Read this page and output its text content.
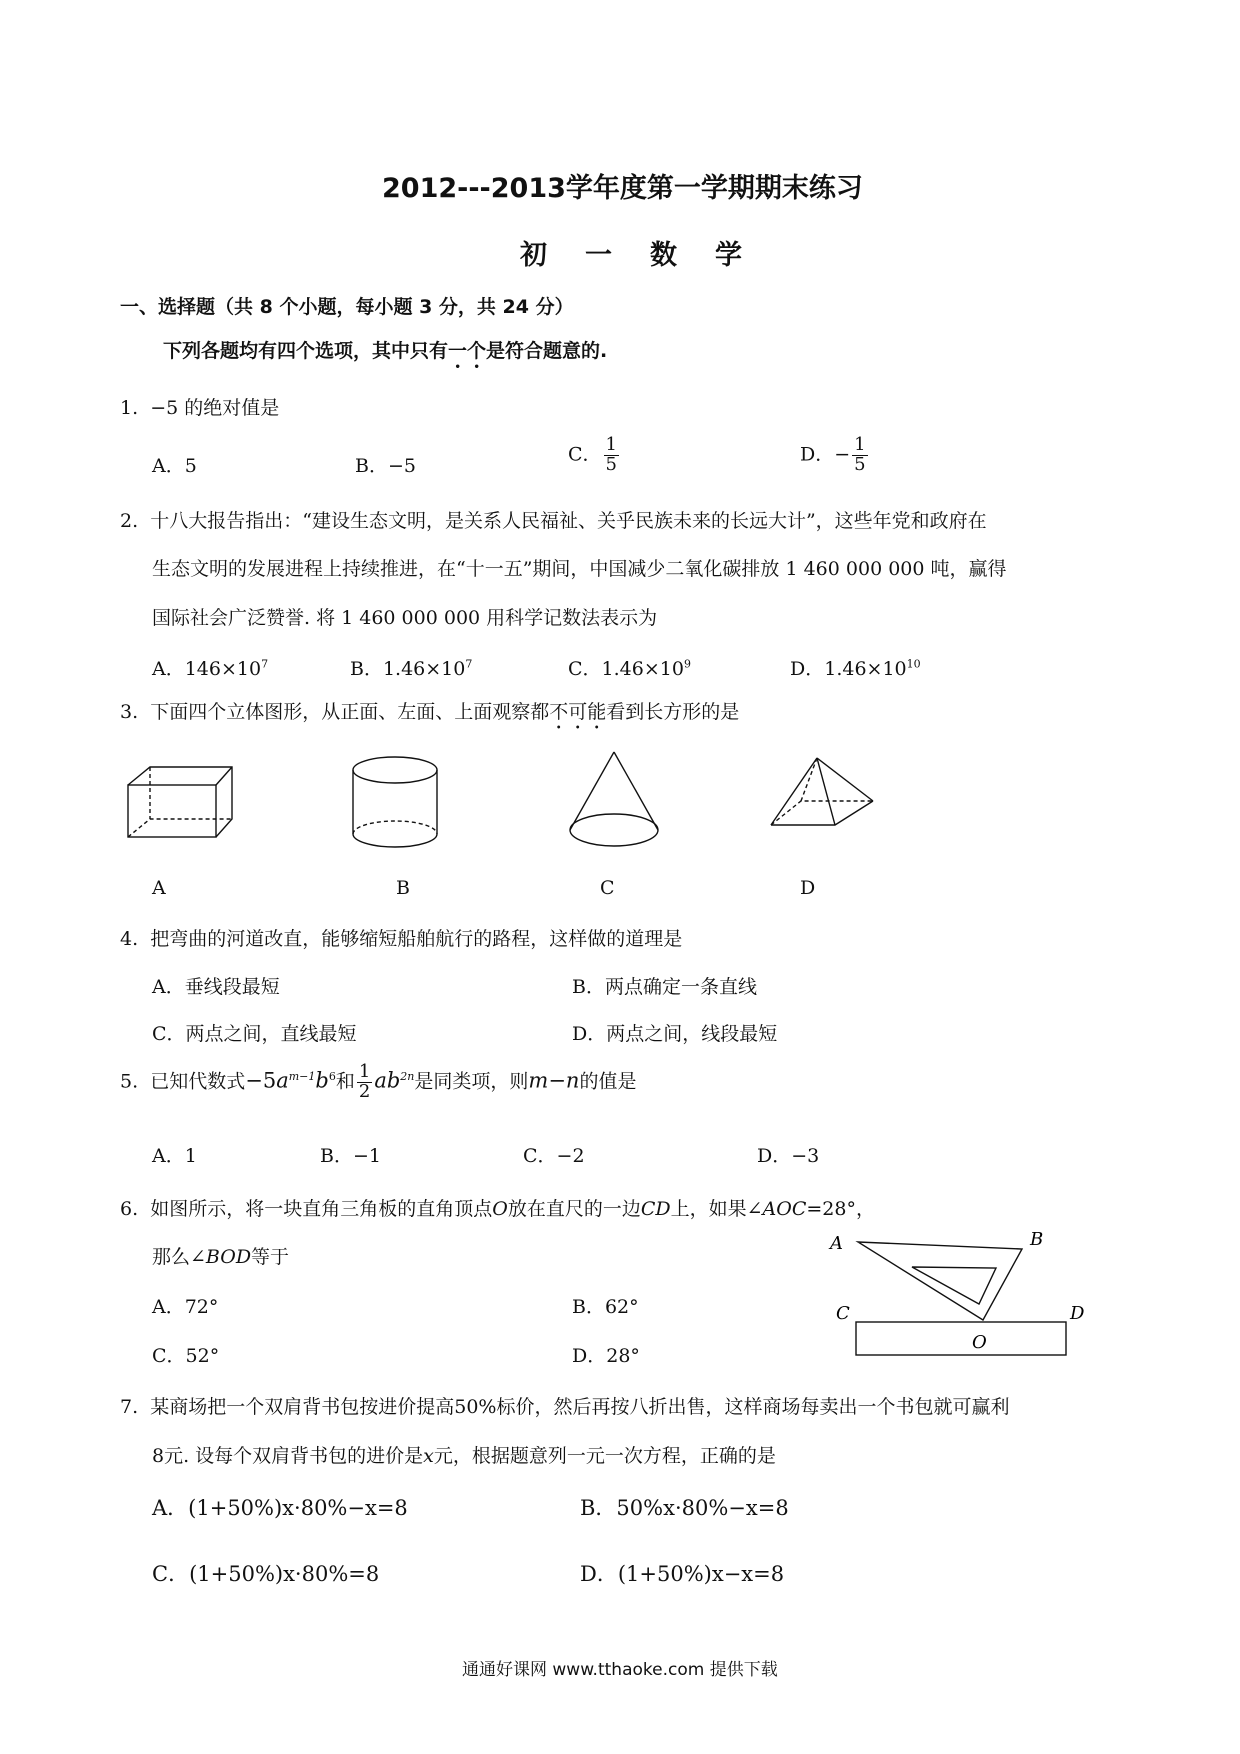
2012---2013学年度第一学期期末练习
初一数学
一、选择题（共 8 个小题，每小题 3 分，共 24 分）
下列各题均有四个选项，其中只有一个是符合题意的.
1. −5 的绝对值是
A．5	B．−5
C． $\frac{1}{5}$	D．− $\frac{1}{5}$
2. 十八大报告指出：“建设生态文明，是关系人民福祉、关乎民族未来的长远大计”，这些年党和政府在
生态文明的发展进程上持续推进，在“十一五”期间，中国减少二氧化碳排放 1 460 000 000 吨，赢得
国际社会广泛赞誉. 将 1 460 000 000 用科学记数法表示为
A．$146\times 10^7$	B．$1.46\times 10^7$	C．$1.46\times 10^9$	D．$1.46\times 10^{10}$
3. 下面四个立体图形，从正面、左面、上面观察都不可能看到长方形的是
A	B	C	D
4. 把弯曲的河道改直，能够缩短船舶航行的路程，这样做的道理是
A．垂线段最短	B．两点确定一条直线
C．两点之间，直线最短	D．两点之间，线段最短
5. 已知代数式$-5a^{m-1}b^6$和 $\frac{1}{2} ab^{2n}$是同类项，则m−n的值是
A．1	B．−1	C．−2	D．−3
6. 如图所示，将一块直角三角板的直角顶点O放在直尺的一边CD上，如果∠AOC=28°，
那么∠BOD等于
A．72°	B．62°
C．52°	D．28°
A	B
C	D
O
7. 某商场把一个双肩背书包按进价提高50%标价，然后再按八折出售，这样商场每卖出一个书包就可赢利
8元. 设每个双肩背书包的进价是x元，根据题意列一元一次方程，正确的是
A．(1+50%)x·80%−x=8	B．50%x·80%−x=8
C．(1+50%)x·80%=8	D．(1+50%)x−x=8
通通好课网 www.tthaoke.com 提供下载
